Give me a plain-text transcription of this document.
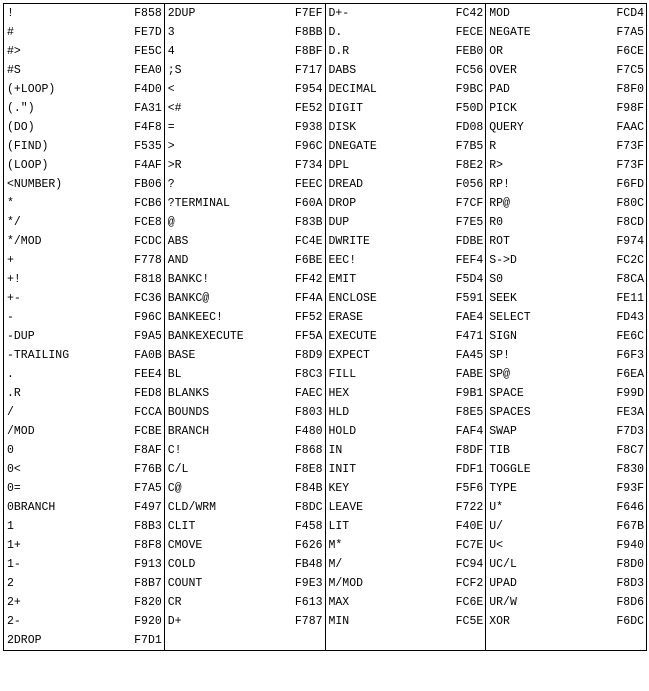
! F858	2DUP F7EF	D+- FC42	MOD FCD4

# FE7D	3 F8BB	D. FECE	NEGATE F7A5

#> FE5C	4 F8BF	D.R FEB0	OR F6CE

#S FEA0	;S F717	DABS FC56	OVER F7C5

(+LOOP) F4D0	< F954	DECIMAL F9BC	PAD F8F0

(.") FA31	<# FE52	DIGIT F50D	PICK F98F

(DO) F4F8	= F938	DISK FD08	QUERY FAAC

(FIND) F535	> F96C	DNEGATE F7B5	R F73F

(LOOP) F4AF	>R F734	DPL F8E2	R> F73F

<NUMBER) FB06	? FEEC	DREAD F056	RP! F6FD

* FCB6	?TERMINAL F60A	DROP F7CF	RP@ F80C

*/ FCE8	@ F83B	DUP F7E5	R0 F8CD

*/MOD FCDC	ABS FC4E	DWRITE FDBE	ROT F974

+ F778	AND F6BE	EEC! FEF4	S->D FC2C

+! F818	BANKC! FF42	EMIT F5D4	S0 F8CA

+- FC36	BANKC@ FF4A	ENCLOSE F591	SEEK FE11

- F96C	BANKEEC! FF52	ERASE FAE4	SELECT FD43

-DUP F9A5	BANKEXECUTE FF5A	EXECUTE F471	SIGN FE6C

-TRAILING FA0B	BASE F8D9	EXPECT FA45	SP! F6F3

. FEE4	BL F8C3	FILL FABE	SP@ F6EA

.R FED8	BLANKS FAEC	HEX F9B1	SPACE F99D

/ FCCA	BOUNDS F803	HLD F8E5	SPACES FE3A

/MOD FCBE	BRANCH F480	HOLD FAF4	SWAP F7D3

0 F8AF	C! F868	IN F8DF	TIB F8C7

0< F76B	C/L F8E8	INIT FDF1	TOGGLE F830

0= F7A5	C@ F84B	KEY F5F6	TYPE F93F

0BRANCH F497	CLD/WRM F8DC	LEAVE F722	U* F646

1 F8B3	CLIT F458	LIT F40E	U/ F67B

1+ F8F8	CMOVE F626	M* FC7E	U< F940

1- F913	COLD FB48	M/ FC94	UC/L F8D0

2 F8B7	COUNT F9E3	M/MOD FCF2	UPAD F8D3

2+ F820	CR F613	MAX FC6E	UR/W F8D6

2- F920	D+ F787	MIN FC5E	XOR F6DC

2DROP F7D1			
